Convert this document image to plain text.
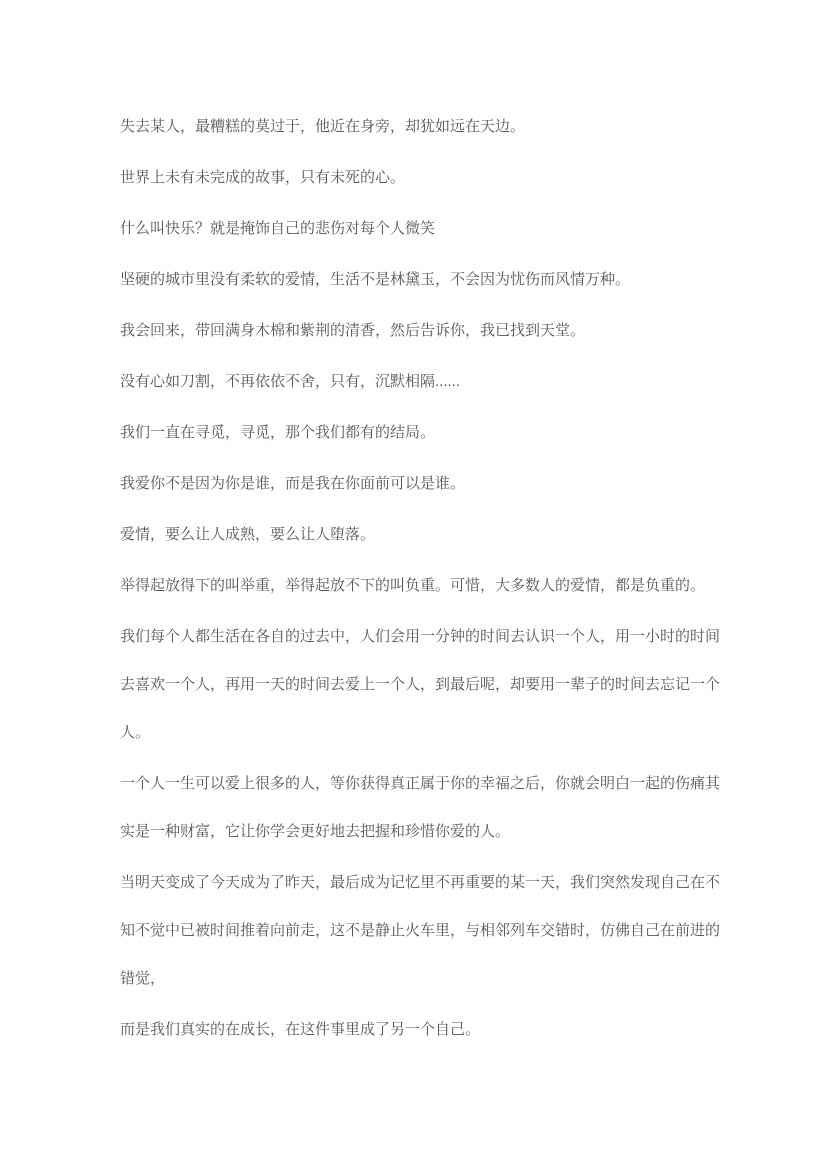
失去某人，最糟糕的莫过于，他近在身旁，却犹如远在天边。

世界上未有未完成的故事，只有未死的心。

什么叫快乐？就是掩饰自己的悲伤对每个人微笑

坚硬的城市里没有柔软的爱情，生活不是林黛玉，不会因为忧伤而风情万种。

我会回来，带回满身木棉和紫荆的清香，然后告诉你，我已找到天堂。

没有心如刀割，不再依依不舍，只有，沉默相隔......

我们一直在寻觅，寻觅，那个我们都有的结局。

我爱你不是因为你是谁，而是我在你面前可以是谁。

爱情，要么让人成熟，要么让人堕落。

举得起放得下的叫举重，举得起放不下的叫负重。可惜，大多数人的爱情，都是负重的。

我们每个人都生活在各自的过去中，人们会用一分钟的时间去认识一个人，用一小时的时间
去喜欢一个人，再用一天的时间去爱上一个人，到最后呢，却要用一辈子的时间去忘记一个
人。

一个人一生可以爱上很多的人，等你获得真正属于你的幸福之后，你就会明白一起的伤痛其
实是一种财富，它让你学会更好地去把握和珍惜你爱的人。

当明天变成了今天成为了昨天，最后成为记忆里不再重要的某一天，我们突然发现自己在不
知不觉中已被时间推着向前走，这不是静止火车里，与相邻列车交错时，仿佛自己在前进的
错觉，

而是我们真实的在成长，在这件事里成了另一个自己。
